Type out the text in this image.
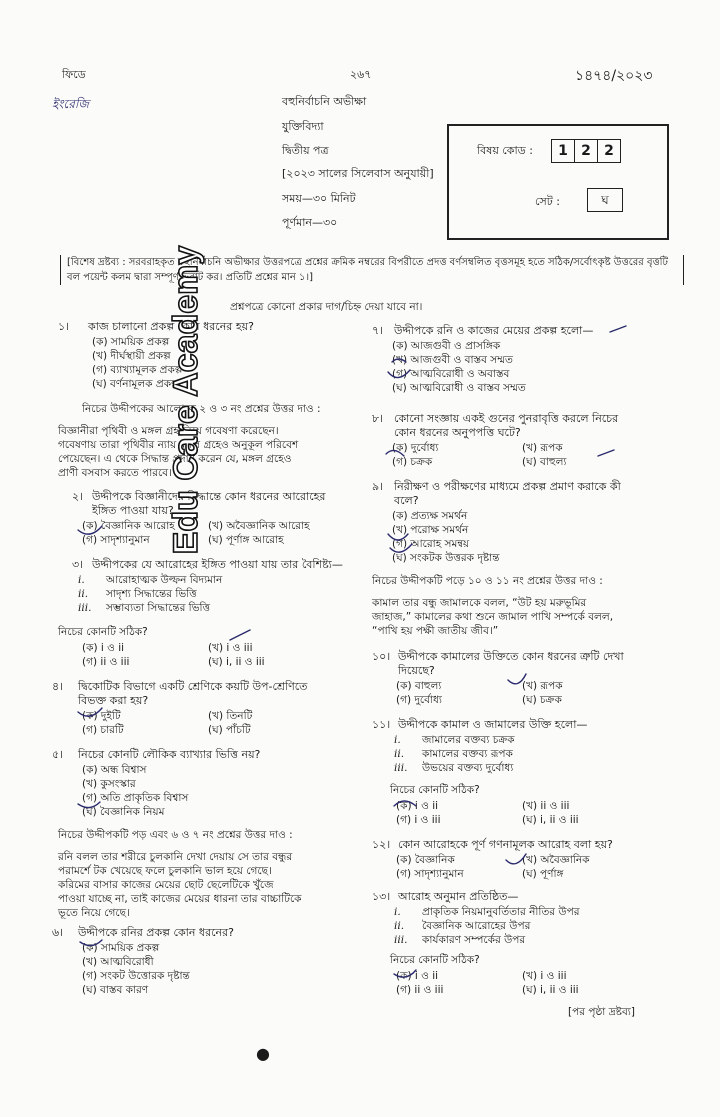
ফিডে	২৬৭	১৪৭৪/২০২৩
ইংরেজি	বহুনির্বাচনি অভীক্ষা
যুক্তিবিদ্যা
দ্বিতীয় পত্র
[২০২৩ সালের সিলেবাস অনুযায়ী]
সময়—৩০ মিনিট
পূর্ণমান—৩০
বিষয় কোড :	1 2 2
সেট :	ঘ
[বিশেষ দ্রষ্টব্য : সরবরাহকৃত বহুনির্বাচনি অভীক্ষার উত্তরপত্রে প্রশ্নের ক্রমিক নম্বরের বিপরীতে প্রদত্ত বর্ণসম্বলিত বৃত্তসমূহ হতে সঠিক/সর্বোৎকৃষ্ট উত্তরের বৃত্তটি বল পয়েন্ট কলম দ্বারা সম্পূর্ণ ভরাট কর। প্রতিটি প্রশ্নের মান ১।]
প্রশ্নপত্রে কোনো প্রকার দাগ/চিহ্ন দেয়া যাবে না।
১। কাজ চালানো প্রকল্প কোন ধরনের হয়?
(ক) সাময়িক প্রকল্প
(খ) দীর্ঘস্থায়ী প্রকল্প
(গ) ব্যাখ্যামূলক প্রকল্প
(ঘ) বর্ণনামূলক প্রকল্প
নিচের উদ্দীপকের আলোকে ২ ও ৩ নং প্রশ্নের উত্তর দাও :
বিজ্ঞানীরা পৃথিবী ও মঙ্গল গ্রহ নিয়ে গবেষণা করেছেন।
গবেষণায় তারা পৃথিবীর ন্যায় মঙ্গল গ্রহেও অনুকূল পরিবেশ
পেয়েছেন। এ থেকে সিদ্ধান্ত প্রদান করেন যে, মঙ্গল গ্রহেও
প্রাণী বসবাস করতে পারবে।
২। উদ্দীপকে বিজ্ঞানীদের সিদ্ধান্তে কোন ধরনের আরোহের
ইঙ্গিত পাওয়া যায়?
(ক) বৈজ্ঞানিক আরোহ	(খ) অবৈজ্ঞানিক আরোহ
(গ) সাদৃশ্যানুমান	(ঘ) পূর্ণাঙ্গ আরোহ
৩। উদ্দীপকের যে আরোহের ইঙ্গিত পাওয়া যায় তার বৈশিষ্ট্য—
i. আরোহাত্মক উল্ফন বিদ্যমান
ii. সাদৃশ্য সিদ্ধান্তের ভিত্তি
iii. সম্ভাব্যতা সিদ্ধান্তের ভিত্তি
নিচের কোনটি সঠিক?
(ক) i ও ii	(খ) i ও iii
(গ) ii ও iii	(ঘ) i, ii ও iii
৪। দ্বিকোটিক বিভাগে একটি শ্রেণিকে কয়টি উপ-শ্রেণিতে
বিভক্ত করা হয়?
(ক) দুইটি	(খ) তিনটি
(গ) চারটি	(ঘ) পাঁচটি
৫। নিচের কোনটি লৌকিক ব্যাখ্যার ভিত্তি নয়?
(ক) অন্ধ বিশ্বাস
(খ) কুসংস্কার
(গ) অতি প্রাকৃতিক বিশ্বাস
(ঘ) বৈজ্ঞানিক নিয়ম
নিচের উদ্দীপকটি পড় এবং ৬ ও ৭ নং প্রশ্নের উত্তর দাও :
রনি বলল তার শরীরে চুলকানি দেখা দেয়ায় সে তার বন্ধুর
পরামর্শে টক খেয়েছে ফলে চুলকানি ভাল হয়ে গেছে।
করিমের বাসার কাজের মেয়ের ছোট ছেলেটিকে খুঁজে
পাওয়া যাচ্ছে না, তাই কাজের মেয়ের ধারনা তার বাচ্চাটিকে
ভূতে নিয়ে গেছে।
৬। উদ্দীপকে রনির প্রকল্প কোন ধরনের?
(ক) সাময়িক প্রকল্প
(খ) আত্মবিরোধী
(গ) সংকট উত্তোরক দৃষ্টান্ত
(ঘ) বাস্তব কারণ
৭। উদ্দীপকে রনি ও কাজের মেয়ের প্রকল্প হলো—
(ক) আজগুবী ও প্রাসঙ্গিক
(খ) আজগুবী ও বাস্তব সম্মত
(গ) আত্মবিরোধী ও অবাস্তব
(ঘ) আত্মবিরোধী ও বাস্তব সম্মত
৮। কোনো সংজ্ঞায় একই গুনের পুনরাবৃত্তি করলে নিচের
কোন ধরনের অনুপপত্তি ঘটে?
(ক) দুর্বোধ্য	(খ) রূপক
(গ) চক্রক	(ঘ) বাহুল্য
৯। নিরীক্ষণ ও পরীক্ষণের মাধ্যমে প্রকল্প প্রমাণ করাকে কী
বলে?
(ক) প্রত্যক্ষ সমর্থন
(খ) পরোক্ষ সমর্থন
(গ) আরোহ সমন্বয়
(ঘ) সংকটক উত্তরক দৃষ্টান্ত
নিচের উদ্দীপকটি পড়ে ১০ ও ১১ নং প্রশ্নের উত্তর দাও :
কামাল তার বন্ধু জামালকে বলল, “উট হয় মরুভূমির
জাহাজ,” কামালের কথা শুনে জামাল পাখি সম্পর্কে বলল,
“পাখি হয় পক্ষী জাতীয় জীব।”
১০। উদ্দীপকে কামালের উক্তিতে কোন ধরনের ত্রুটি দেখা
দিয়েছে?
(ক) বাহুল্য	(খ) রূপক
(গ) দুর্বোধ্য	(ঘ) চক্রক
১১। উদ্দীপকে কামাল ও জামালের উক্তি হলো—
i. জামালের বক্তব্য চক্রক
ii. কামালের বক্তব্য রূপক
iii. উভয়ের বক্তব্য দুর্বোধ্য
নিচের কোনটি সঠিক?
(ক) i ও ii	(খ) ii ও iii
(গ) i ও iii	(ঘ) i, ii ও iii
১২। কোন আরোহকে পূর্ণ গণনামূলক আরোহ বলা হয়?
(ক) বৈজ্ঞানিক	(খ) অবৈজ্ঞানিক
(গ) সাদৃশ্যানুমান	(ঘ) পূর্ণাঙ্গ
১৩। আরোহ অনুমান প্রতিষ্ঠিত—
i. প্রাকৃতিক নিয়মানুবর্তিতার নীতির উপর
ii. বৈজ্ঞানিক আরোহের উপর
iii. কার্যকারণ সম্পর্কের উপর
নিচের কোনটি সঠিক?
(ক) i ও ii	(খ) i ও iii
(গ) ii ও iii	(ঘ) i, ii ও iii
[পর পৃষ্ঠা দ্রষ্টব্য]
Edu Care Academy
●
